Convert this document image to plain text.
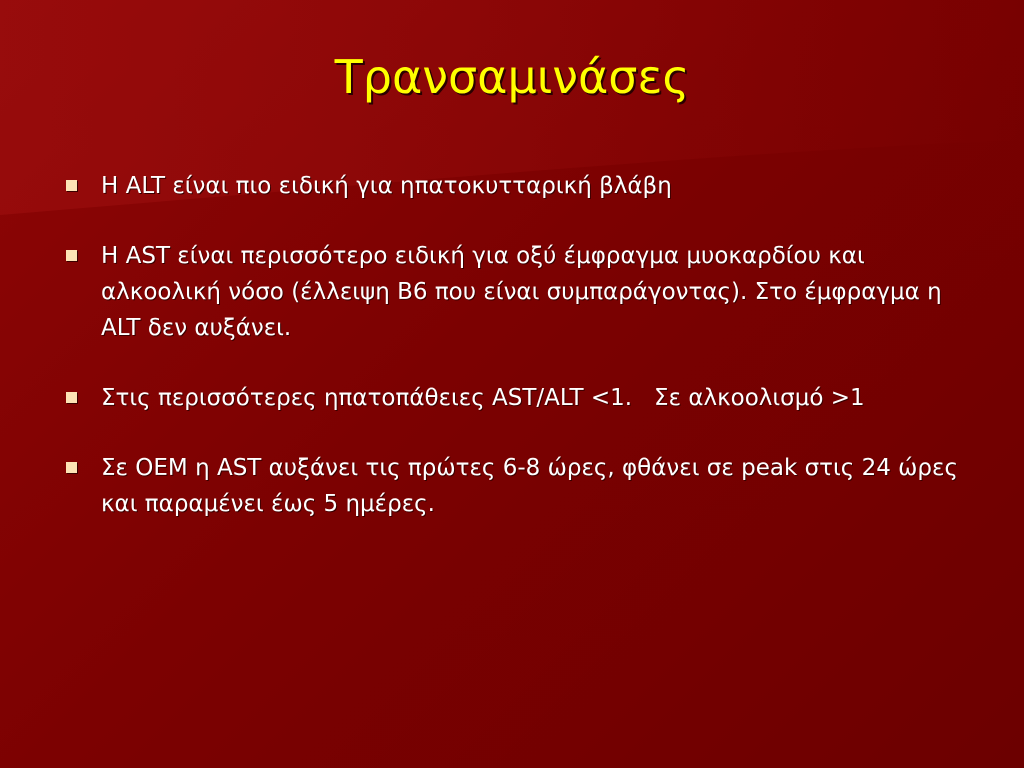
Τρανσαμινάσες
Η ALT είναι πιο ειδική για ηπατοκυτταρική βλάβη
Η AST είναι περισσότερο ειδική για οξύ έμφραγμα μυοκαρδίου και αλκοολική νόσο (έλλειψη Β6 που είναι συμπαράγοντας). Στο έμφραγμα η ALT δεν αυξάνει.
Στις περισσότερες ηπατοπάθειες AST/ALT <1.   Σε αλκοολισμό >1
Σε ΟΕΜ η AST αυξάνει τις πρώτες 6-8 ώρες, φθάνει σε peak στις 24 ώρες και παραμένει έως 5 ημέρες.
